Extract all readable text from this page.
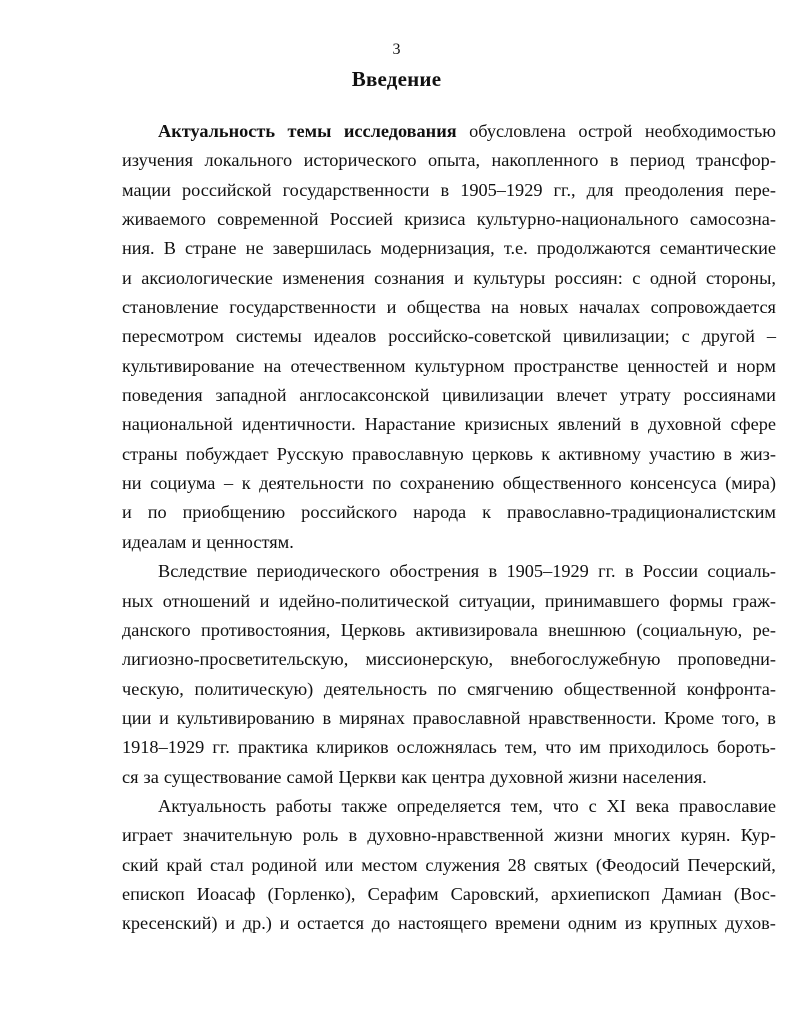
3
Введение
Актуальность темы исследования обусловлена острой необходимостью
изучения локального исторического опыта, накопленного в период трансфор-
мации российской государственности в 1905–1929 гг., для преодоления пере-
живаемого современной Россией кризиса культурно-национального самосозна-
ния. В стране не завершилась модернизация, т.е. продолжаются семантические
и аксиологические изменения сознания и культуры россиян: с одной стороны,
становление государственности и общества на новых началах сопровождается
пересмотром системы идеалов российско-советской цивилизации; с другой –
культивирование на отечественном культурном пространстве ценностей и норм
поведения западной англосаксонской цивилизации влечет утрату россиянами
национальной идентичности. Нарастание кризисных явлений в духовной сфере
страны побуждает Русскую православную церковь к активному участию в жиз-
ни социума – к деятельности по сохранению общественного консенсуса (мира)
и по приобщению российского народа к православно-традиционалистским
идеалам и ценностям.
Вследствие периодического обострения в 1905–1929 гг. в России социаль-
ных отношений и идейно-политической ситуации, принимавшего формы граж-
данского противостояния, Церковь активизировала внешнюю (социальную, ре-
лигиозно-просветительскую, миссионерскую, внебогослужебную проповедни-
ческую, политическую) деятельность по смягчению общественной конфронта-
ции и культивированию в мирянах православной нравственности. Кроме того, в
1918–1929 гг. практика клириков осложнялась тем, что им приходилось бороть-
ся за существование самой Церкви как центра духовной жизни населения.
Актуальность работы также определяется тем, что с XI века православие
играет значительную роль в духовно-нравственной жизни многих курян. Кур-
ский край стал родиной или местом служения 28 святых (Феодосий Печерский,
епископ Иоасаф (Горленко), Серафим Саровский, архиепископ Дамиан (Вос-
кресенский) и др.) и остается до настоящего времени одним из крупных духов-
